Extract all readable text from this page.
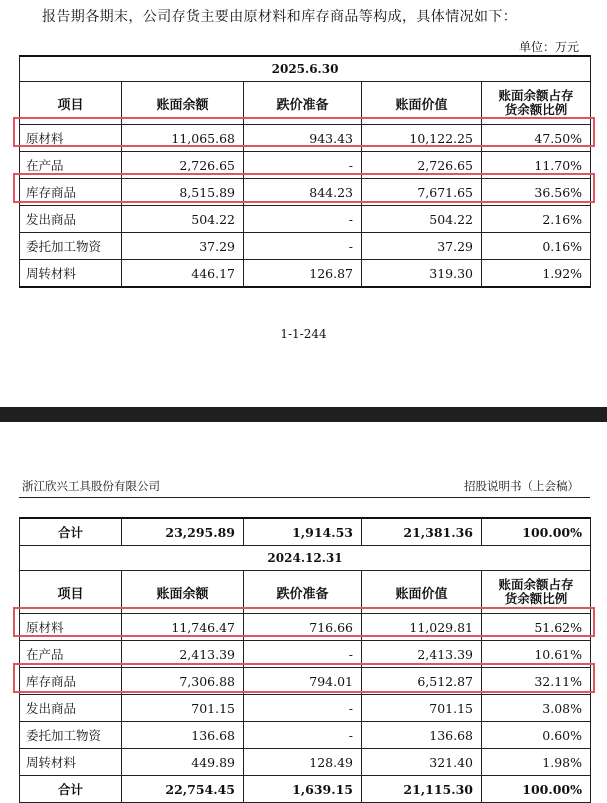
报告期各期末，公司存货主要由原材料和库存商品等构成，具体情况如下：
单位：万元
2025.6.30				
项目	账面余额	跌价准备	账面价值	账面余额占存
货余额比例
原材料	11,065.68	943.43	10,122.25	47.50%
在产品	2,726.65	-	2,726.65	11.70%
库存商品	8,515.89	844.23	7,671.65	36.56%
发出商品	504.22	-	504.22	2.16%
委托加工物资	37.29	-	37.29	0.16%
周转材料	446.17	126.87	319.30	1.92%
1-1-244
浙江欣兴工具股份有限公司	招股说明书（上会稿）
合计	23,295.89	1,914.53	21,381.36	100.00%
2024.12.31				
项目	账面余额	跌价准备	账面价值	账面余额占存
货余额比例
原材料	11,746.47	716.66	11,029.81	51.62%
在产品	2,413.39	-	2,413.39	10.61%
库存商品	7,306.88	794.01	6,512.87	32.11%
发出商品	701.15	-	701.15	3.08%
委托加工物资	136.68	-	136.68	0.60%
周转材料	449.89	128.49	321.40	1.98%
合计	22,754.45	1,639.15	21,115.30	100.00%
